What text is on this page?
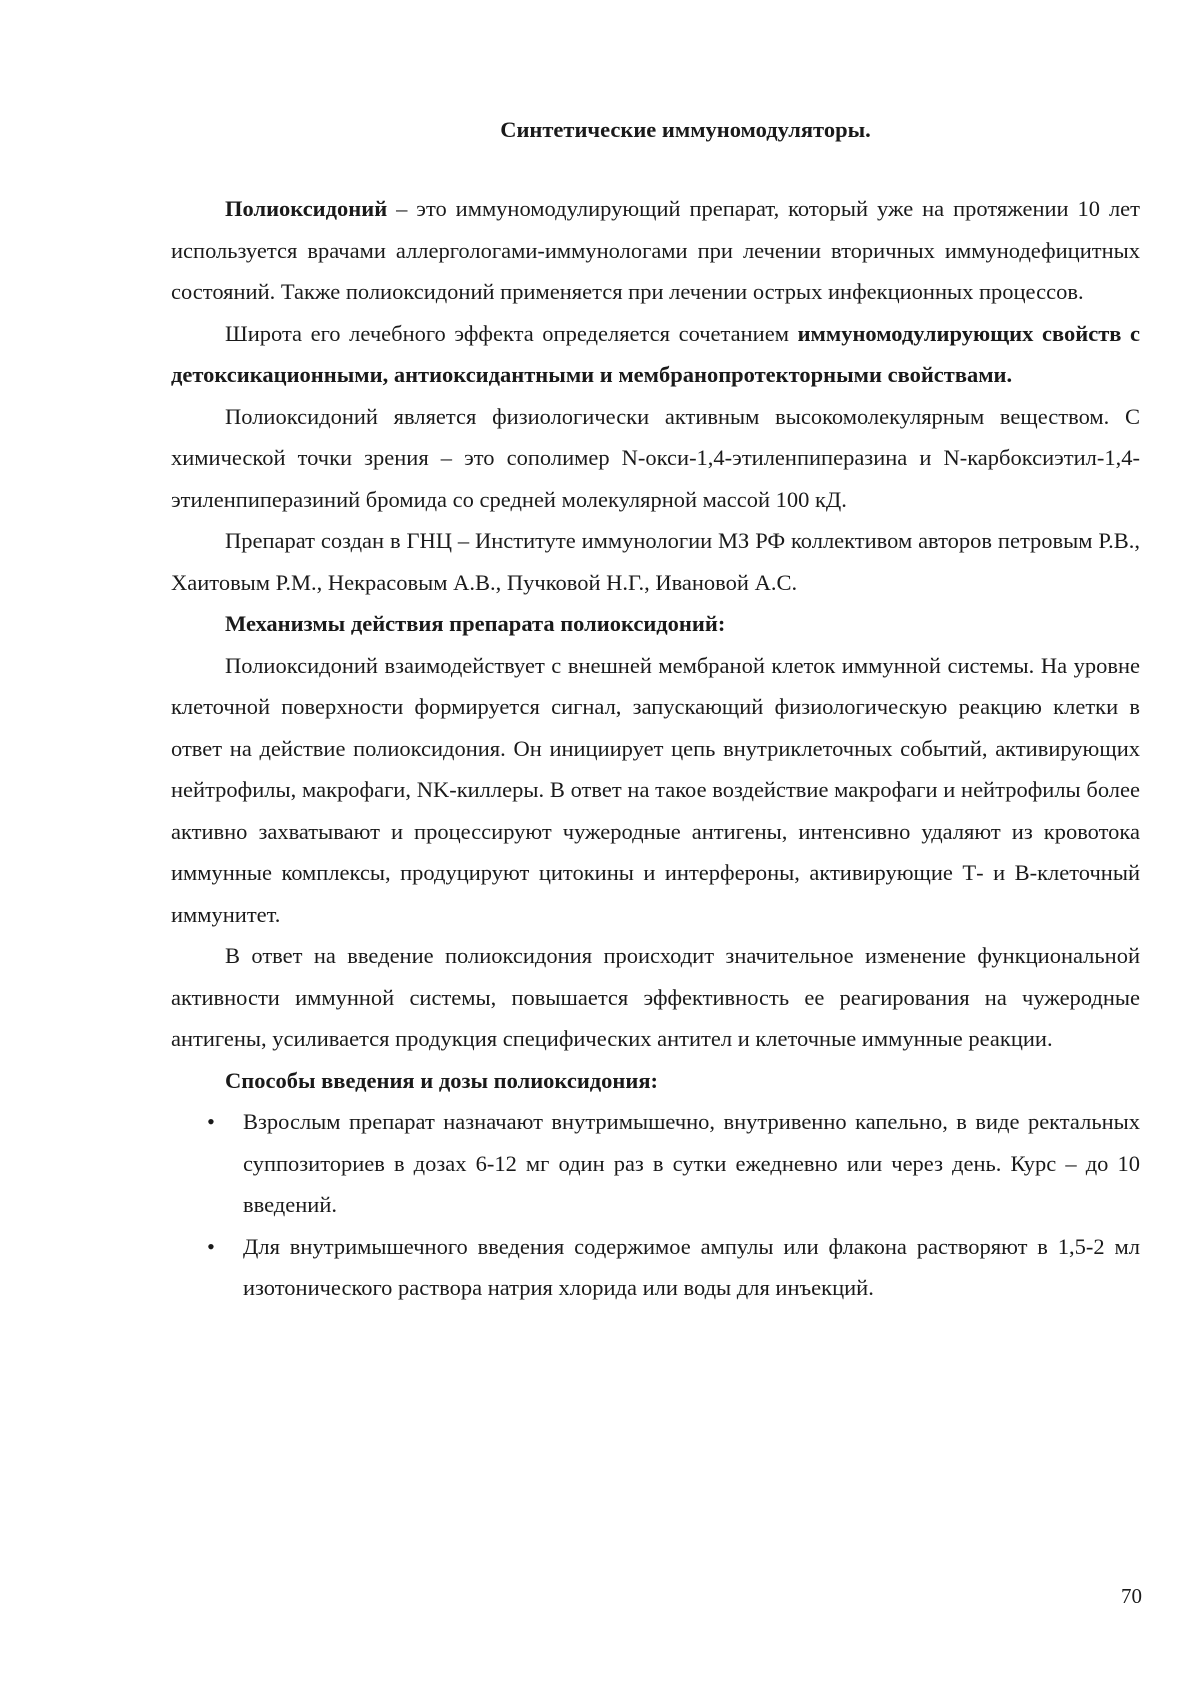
Синтетические иммуномодуляторы.

Полиоксидоний – это иммуномодулирующий препарат, который уже на протяжении 10 лет используется врачами аллергологами-иммунологами при лечении вторичных иммунодефицитных состояний. Также полиоксидоний применяется при лечении острых инфекционных процессов.

Широта его лечебного эффекта определяется сочетанием иммуномодулирующих свойств с детоксикационными, антиоксидантными и мембранопротекторными свойствами.

Полиоксидоний является физиологически активным высокомолекулярным веществом. С химической точки зрения – это сополимер N-окси-1,4-этиленпиперазина и N-карбоксиэтил-1,4-этиленпиперазиний бромида со средней молекулярной массой 100 кД.

Препарат создан в ГНЦ – Институте иммунологии МЗ РФ коллективом авторов петровым Р.В., Хаитовым Р.М., Некрасовым А.В., Пучковой Н.Г., Ивановой А.С.

Механизмы действия препарата полиоксидоний:

Полиоксидоний взаимодействует с внешней мембраной клеток иммунной системы. На уровне клеточной поверхности формируется сигнал, запускающий физиологическую реакцию клетки в ответ на действие полиоксидония. Он инициирует цепь внутриклеточных событий, активирующих нейтрофилы, макрофаги, NK-киллеры. В ответ на такое воздействие макрофаги и нейтрофилы более активно захватывают и процессируют чужеродные антигены, интенсивно удаляют из кровотока иммунные комплексы, продуцируют цитокины и интерфероны, активирующие Т- и В-клеточный иммунитет.

В ответ на введение полиоксидония происходит значительное изменение функциональной активности иммунной системы, повышается эффективность ее реагирования на чужеродные антигены, усиливается продукция специфических антител и клеточные иммунные реакции.

Способы введения и дозы полиоксидония:
• Взрослым препарат назначают внутримышечно, внутривенно капельно, в виде ректальных суппозиториев в дозах 6-12 мг один раз в сутки ежедневно или через день. Курс – до 10 введений.
• Для внутримышечного введения содержимое ампулы или флакона растворяют в 1,5-2 мл изотонического раствора натрия хлорида или воды для инъекций.
70
